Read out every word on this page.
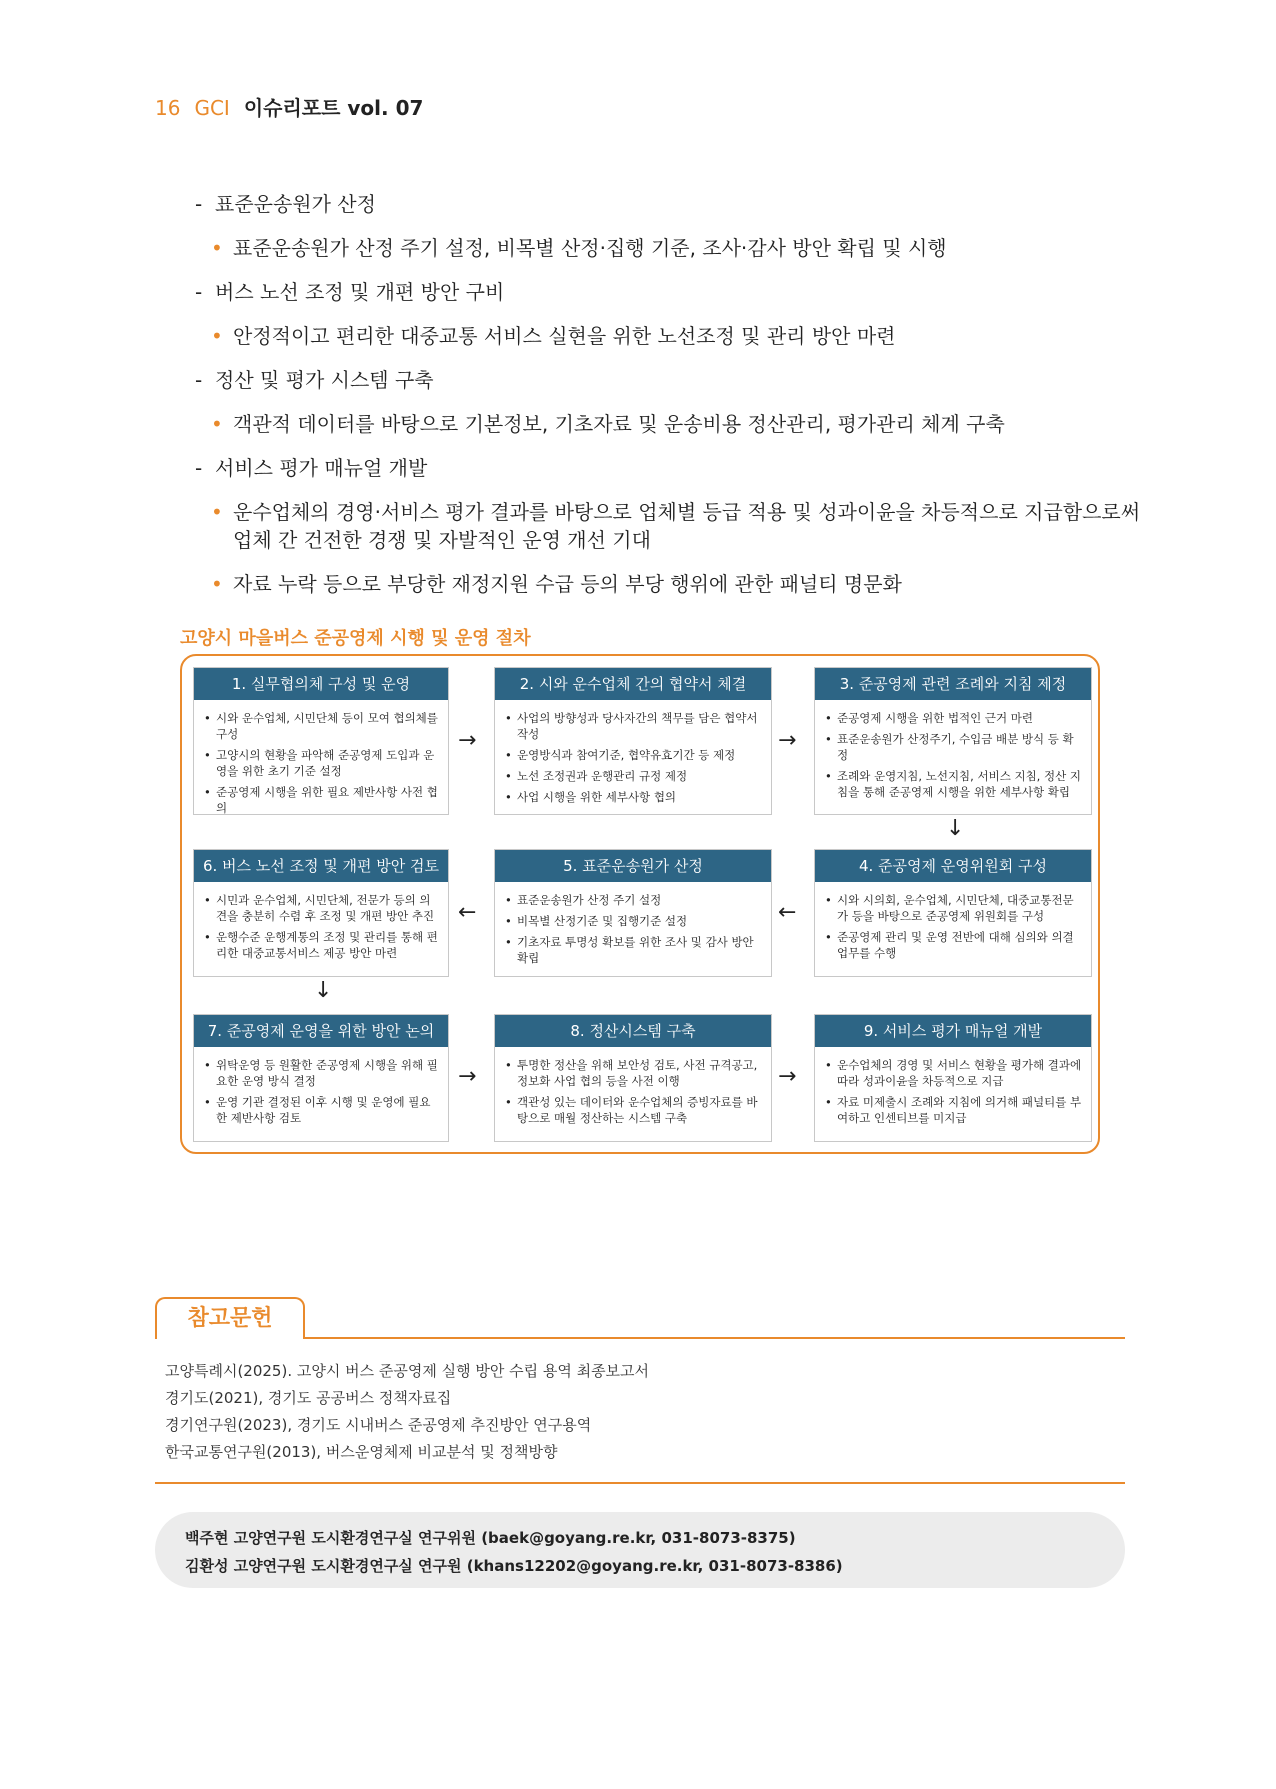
16 GCI 이슈리포트 vol. 07
- 표준운송원가 산정
• 표준운송원가 산정 주기 설정, 비목별 산정·집행 기준, 조사·감사 방안 확립 및 시행
- 버스 노선 조정 및 개편 방안 구비
• 안정적이고 편리한 대중교통 서비스 실현을 위한 노선조정 및 관리 방안 마련
- 정산 및 평가 시스템 구축
• 객관적 데이터를 바탕으로 기본정보, 기초자료 및 운송비용 정산관리, 평가관리 체계 구축
- 서비스 평가 매뉴얼 개발
• 운수업체의 경영·서비스 평가 결과를 바탕으로 업체별 등급 적용 및 성과이윤을 차등적으로 지급함으로써 업체 간 건전한 경쟁 및 자발적인 운영 개선 기대
• 자료 누락 등으로 부당한 재정지원 수급 등의 부당 행위에 관한 패널티 명문화
고양시 마을버스 준공영제 시행 및 운영 절차
1. 실무협의체 구성 및 운영
• 시와 운수업체, 시민단체 등이 모여 협의체를 구성
• 고양시의 현황을 파악해 준공영제 도입과 운영을 위한 초기 기준 설정
• 준공영제 시행을 위한 필요 제반사항 사전 협의
2. 시와 운수업체 간의 협약서 체결
• 사업의 방향성과 당사자간의 책무를 담은 협약서 작성
• 운영방식과 참여기준, 협약유효기간 등 제정
• 노선 조정권과 운행관리 규정 제정
• 사업 시행을 위한 세부사항 협의
3. 준공영제 관련 조례와 지침 제정
• 준공영제 시행을 위한 법적인 근거 마련
• 표준운송원가 산정주기, 수입금 배분 방식 등 확정
• 조례와 운영지침, 노선지침, 서비스 지침, 정산 지침을 통해 준공영제 시행을 위한 세부사항 확립
4. 준공영제 운영위원회 구성
• 시와 시의회, 운수업체, 시민단체, 대중교통전문가 등을 바탕으로 준공영제 위원회를 구성
• 준공영제 관리 및 운영 전반에 대해 심의와 의결 업무를 수행
5. 표준운송원가 산정
• 표준운송원가 산정 주기 설정
• 비목별 산정기준 및 집행기준 설정
• 기초자료 투명성 확보를 위한 조사 및 감사 방안 확립
6. 버스 노선 조정 및 개편 방안 검토
• 시민과 운수업체, 시민단체, 전문가 등의 의견을 충분히 수렴 후 조정 및 개편 방안 추진
• 운행수준 운행계통의 조정 및 관리를 통해 편리한 대중교통서비스 제공 방안 마련
7. 준공영제 운영을 위한 방안 논의
• 위탁운영 등 원활한 준공영제 시행을 위해 필요한 운영 방식 결정
• 운영 기관 결정된 이후 시행 및 운영에 필요한 제반사항 검토
8. 정산시스템 구축
• 투명한 정산을 위해 보안성 검토, 사전 규격공고, 정보화 사업 협의 등을 사전 이행
• 객관성 있는 데이터와 운수업체의 증빙자료를 바탕으로 매월 정산하는 시스템 구축
9. 서비스 평가 매뉴얼 개발
• 운수업체의 경영 및 서비스 현황을 평가해 결과에 따라 성과이윤을 차등적으로 지급
• 자료 미제출시 조례와 지침에 의거해 패널티를 부여하고 인센티브를 미지급
→	→
↓
←
←
↓
→	→
참고문헌
고양특례시(2025). 고양시 버스 준공영제 실행 방안 수립 용역 최종보고서
경기도(2021), 경기도 공공버스 정책자료집
경기연구원(2023), 경기도 시내버스 준공영제 추진방안 연구용역
한국교통연구원(2013), 버스운영체제 비교분석 및 정책방향
백주현 고양연구원 도시환경연구실 연구위원 (baek@goyang.re.kr, 031-8073-8375)
김환성 고양연구원 도시환경연구실 연구원 (khans12202@goyang.re.kr, 031-8073-8386)
